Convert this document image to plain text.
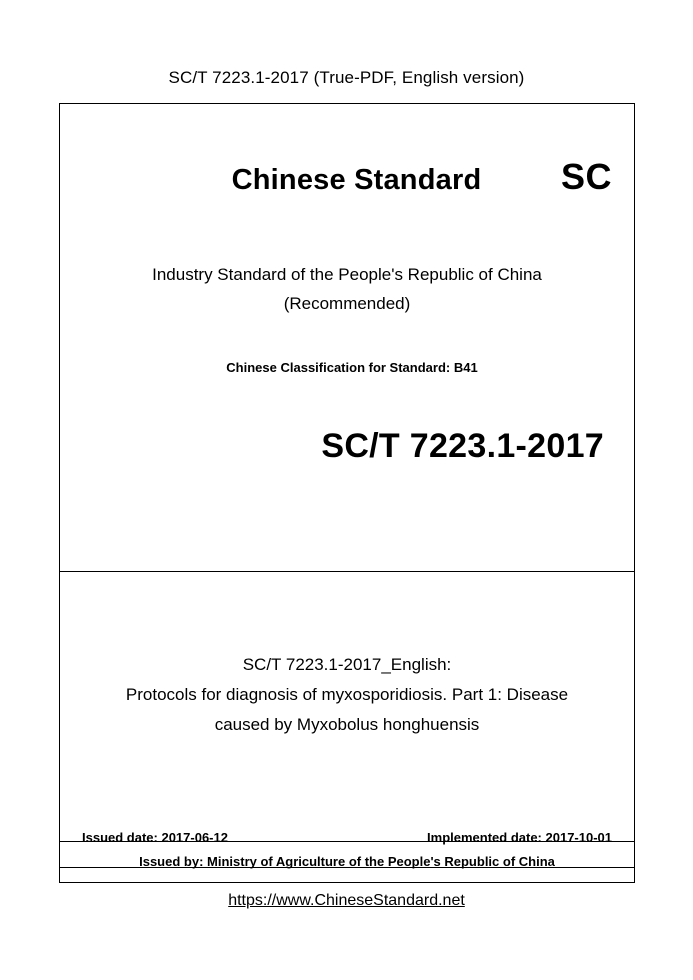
SC/T 7223.1-2017 (True-PDF, English version)
Chinese Standard	SC
Industry Standard of the People's Republic of China
(Recommended)
Chinese Classification for Standard: B41
SC/T 7223.1-2017
SC/T 7223.1-2017_English:
Protocols for diagnosis of myxosporidiosis. Part 1: Disease
caused by Myxobolus honghuensis
Issued date: 2017-06-12	Implemented date: 2017-10-01
Issued by: Ministry of Agriculture of the People's Republic of China
https://www.ChineseStandard.net
